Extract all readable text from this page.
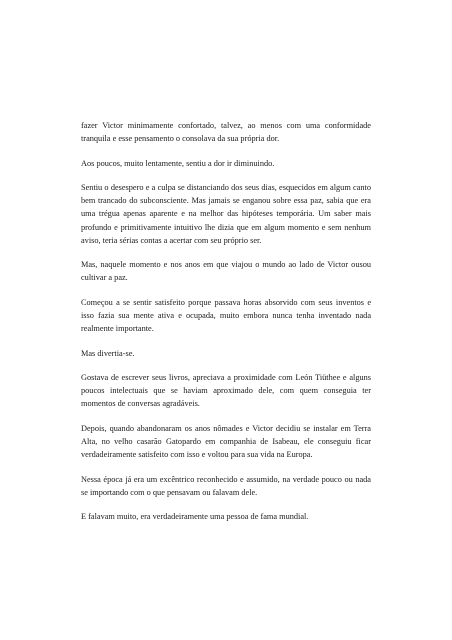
fazer Victor minimamente confortado, talvez, ao menos com uma conformidade tranquila e esse pensamento o consolava da sua própria dor.

Aos poucos, muito lentamente, sentiu a dor ir diminuindo.

Sentiu o desespero e a culpa se distanciando dos seus dias, esquecidos em algum canto bem trancado do subconsciente. Mas jamais se enganou sobre essa paz, sabia que era uma trégua apenas aparente e na melhor das hipóteses temporária. Um saber mais profundo e primitivamente intuitivo lhe dizia que em algum momento e sem nenhum aviso, teria sérias contas a acertar com seu próprio ser.

Mas, naquele momento e nos anos em que viajou o mundo ao lado de Victor ousou cultivar a paz.

Começou a se sentir satisfeito porque passava horas absorvido com seus inventos e isso fazia sua mente ativa e ocupada, muito embora nunca tenha inventado nada realmente importante.

Mas divertia-se.

Gostava de escrever seus livros, apreciava a proximidade com León Tiüthee e alguns poucos intelectuais que se haviam aproximado dele, com quem conseguia ter momentos de conversas agradáveis.

Depois, quando abandonaram os anos nômades e Victor decidiu se instalar em Terra Alta, no velho casarão Gatopardo em companhia de Isabeau, ele conseguiu ficar verdadeiramente satisfeito com isso e voltou para sua vida na Europa.

Nessa época já era um excêntrico reconhecido e assumido, na verdade pouco ou nada se importando com o que pensavam ou falavam dele.

E falavam muito, era verdadeiramente uma pessoa de fama mundial.
